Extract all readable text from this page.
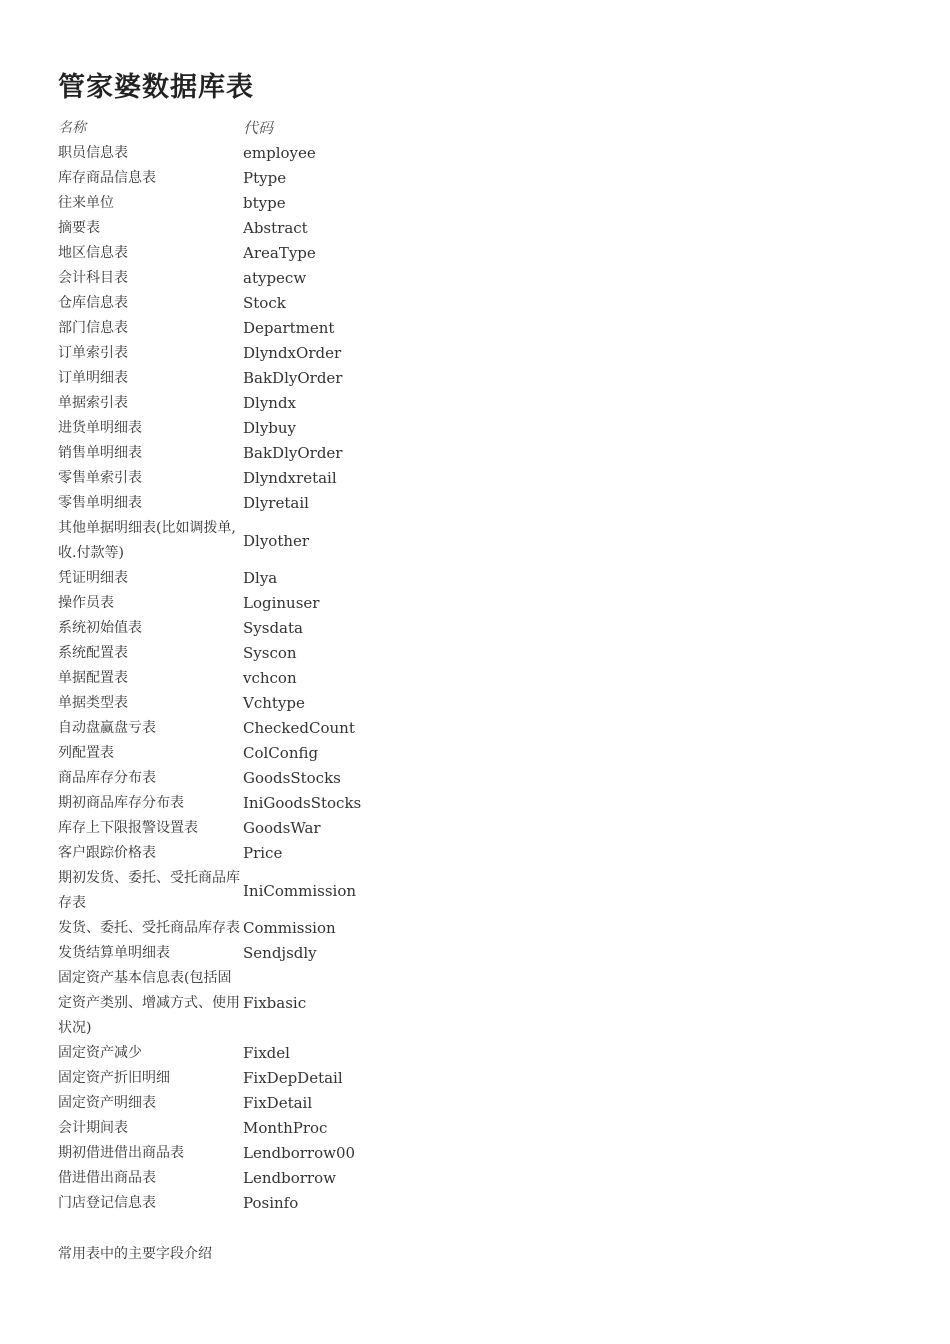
管家婆数据库表
名称	代码
职员信息表	employee
库存商品信息表	Ptype
往来单位	btype
摘要表	Abstract
地区信息表	AreaType
会计科目表	atypecw
仓库信息表	Stock
部门信息表	Department
订单索引表	DlyndxOrder
订单明细表	BakDlyOrder
单据索引表	Dlyndx
进货单明细表	Dlybuy
销售单明细表	BakDlyOrder
零售单索引表	Dlyndxretail
零售单明细表	Dlyretail
其他单据明细表(比如调拨单,收.付款等)	Dlyother
凭证明细表	Dlya
操作员表	Loginuser
系统初始值表	Sysdata
系统配置表	Syscon
单据配置表	vchcon
单据类型表	Vchtype
自动盘赢盘亏表	CheckedCount
列配置表	ColConfig
商品库存分布表	GoodsStocks
期初商品库存分布表	IniGoodsStocks
库存上下限报警设置表	GoodsWar
客户跟踪价格表	Price
期初发货、委托、受托商品库存表	IniCommission
发货、委托、受托商品库存表	Commission
发货结算单明细表	Sendjsdly
固定资产基本信息表(包括固定资产类别、增减方式、使用状况)	Fixbasic
固定资产减少	Fixdel
固定资产折旧明细	FixDepDetail
固定资产明细表	FixDetail
会计期间表	MonthProc
期初借进借出商品表	Lendborrow00
借进借出商品表	Lendborrow
门店登记信息表	Posinfo
常用表中的主要字段介绍
